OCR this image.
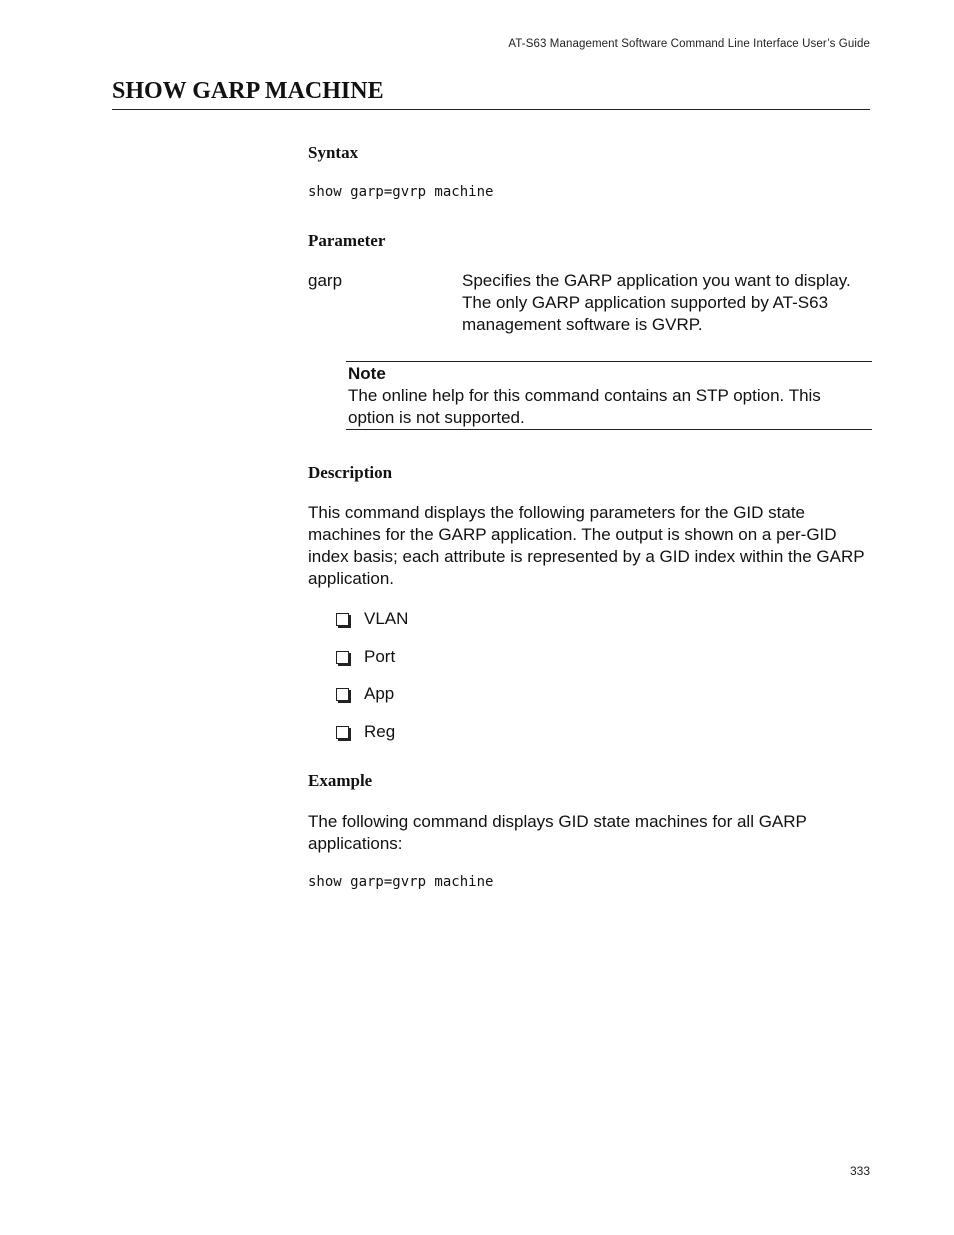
AT-S63 Management Software Command Line Interface User’s Guide
SHOW GARP MACHINE
Syntax
show garp=gvrp machine
Parameter
garp	Specifies the GARP application you want to display. The only GARP application supported by AT-S63 management software is GVRP.
Note
The online help for this command contains an STP option. This option is not supported.
Description
This command displays the following parameters for the GID state machines for the GARP application. The output is shown on a per-GID index basis; each attribute is represented by a GID index within the GARP application.
VLAN
Port
App
Reg
Example
The following command displays GID state machines for all GARP applications:
show garp=gvrp machine
333
